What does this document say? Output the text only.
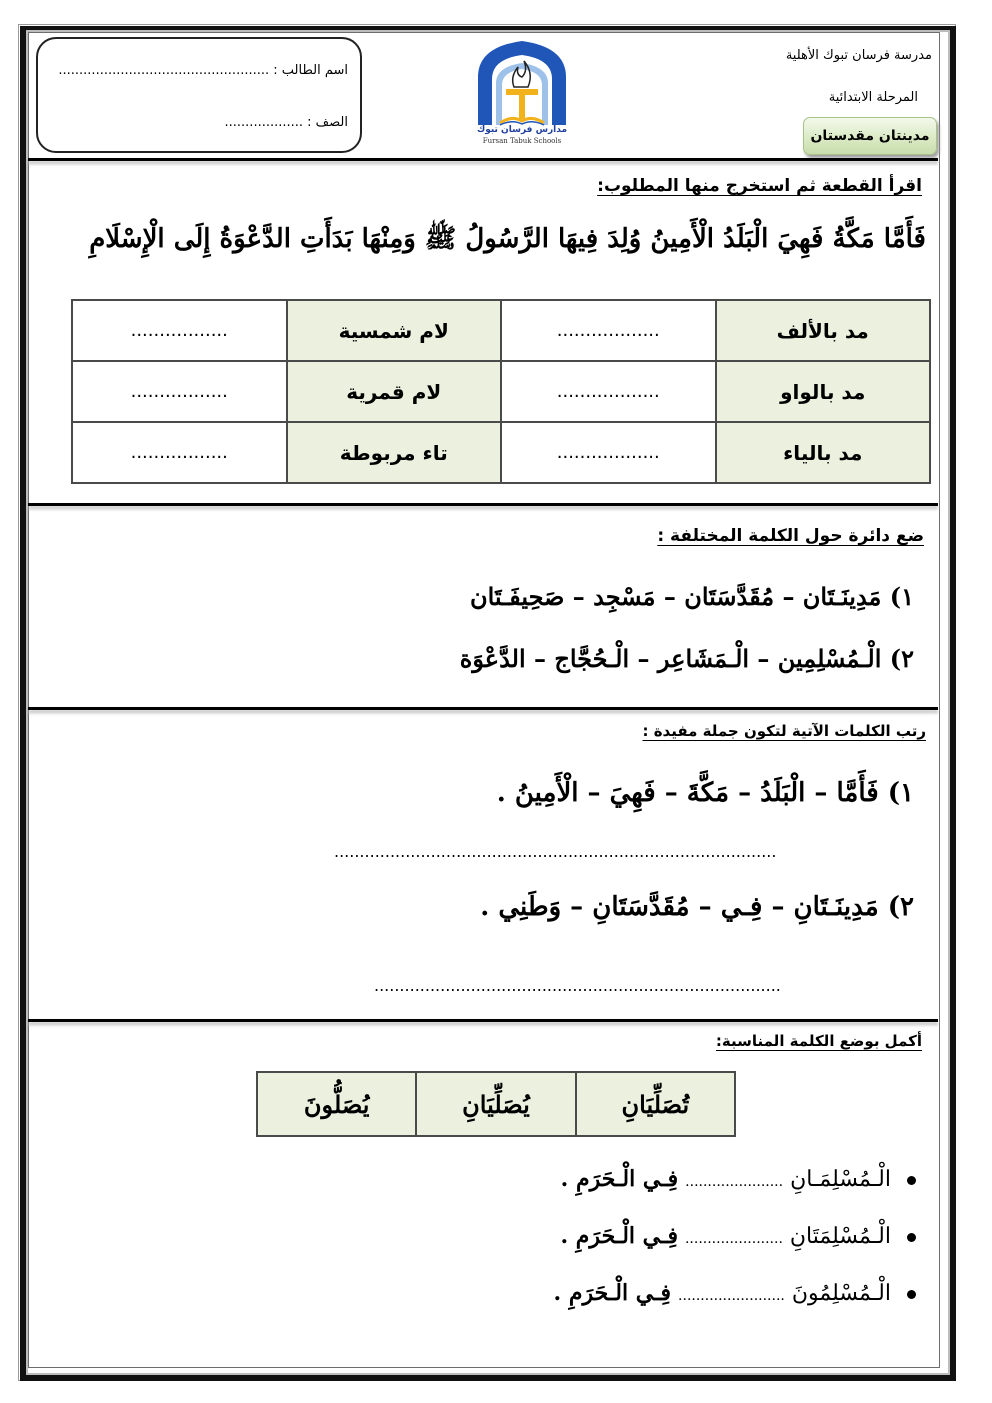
اسم الطالب : ...................................................
الصف : ...................	مدارس فرسان تبوك
Fursan Tabuk Schools
مدرسة فرسان تبوك الأهلية
المرحلة الابتدائية
مدينتان مقدستان
اقرأ القطعة ثم استخرج منها المطلوب:
فَأَمَّا مَكَّةُ فَهِيَ الْبَلَدُ الْأَمِينُ وُلِدَ فِيهَا الرَّسُولُ ﷺ وَمِنْهَا بَدَأَتِ الدَّعْوَةُ إِلَى الْإِسْلَامِ
مد بالألف	..................	لام شمسية	.................
مد بالواو	..................	لام قمرية	.................
مد بالياء	..................	تاء مربوطة	.................
ضع دائرة حول الكلمة المختلفة :
١) مَدِينَـتَان – مُقَدَّسَتَان – مَسْجِد – صَحِيفَـتَان
٢) الْـمُسْلِمِين – الْـمَشَاعِر – الْـحُجَّاج – الدَّعْوَة
رتب الكلمات الآتية لتكون جملة مفيدة :
١) فَأَمَّا – الْبَلَدُ – مَكَّةَ – فَهِيَ – الْأَمِينُ .
.......................................................................................
٢) مَدِينَـتَانِ – فِـي – مُقَدَّسَتَانِ – وَطَنِي .
................................................................................
أكمل بوضع الكلمة المناسبة:
يُصَلُّونَ	يُصَلِّيَانِ	تُصَلِّيَانِ
الْـمُسْلِمَـانِ ...................... فِـي الْـحَرَمِ .
الْـمُسْلِمَتَانِ ...................... فِـي الْـحَرَمِ .
الْـمُسْلِمُونَ ........................ فِـي الْـحَرَمِ .
